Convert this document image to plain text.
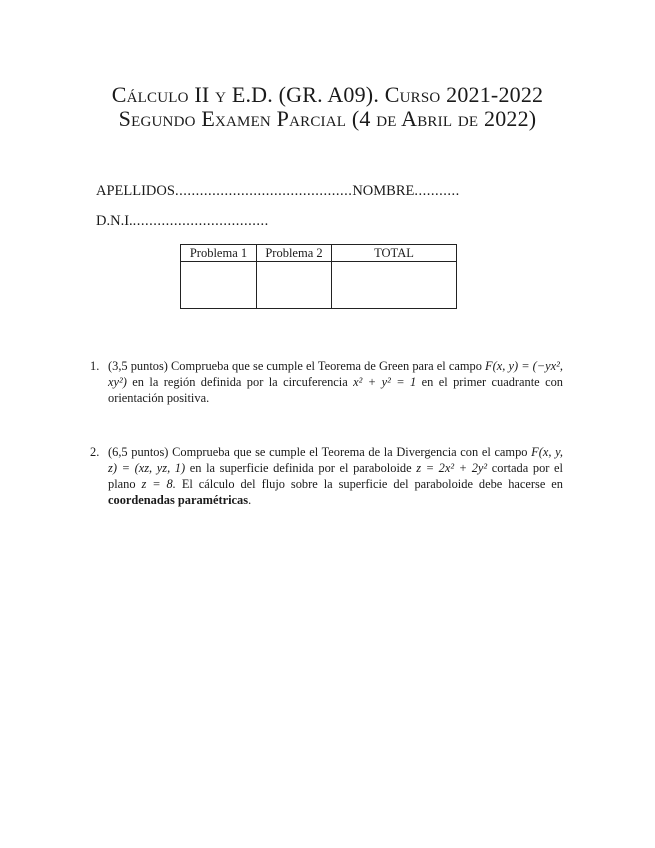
Cálculo II y E.D. (GR. A09). Curso 2021-2022
Segundo Examen Parcial (4 de Abril de 2022)
APELLIDOS...........................................NOMBRE...........
D.N.I..................................
Problema 1	Problema 2	TOTAL

1. (3,5 puntos) Comprueba que se cumple el Teorema de Green para el campo F(x, y) = (−yx², xy²) en la región definida por la circuferencia x² + y² = 1 en el primer cuadrante con orientación positiva.
2. (6,5 puntos) Comprueba que se cumple el Teorema de la Divergencia con el campo F(x, y, z) = (xz, yz, 1) en la superficie definida por el paraboloide z = 2x² + 2y² cortada por el plano z = 8. El cálculo del flujo sobre la superficie del paraboloide debe hacerse en coordenadas paramétricas.
